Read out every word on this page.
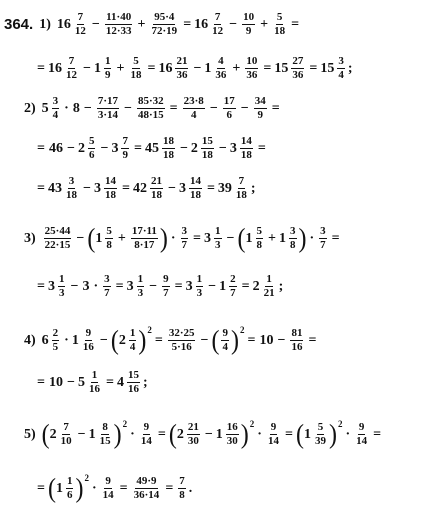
364. 1) $16 \frac{7}{12} - \frac{11\cdot 40}{12\cdot 33} + \frac{95\cdot 4}{72\cdot 19} = 16 \frac{7}{12} - \frac{10}{9} + \frac{5}{18}$ =
= $16 \frac{7}{12} - 1 \frac{1}{9} + \frac{5}{18} = 16 \frac{21}{36} - 1 \frac{4}{36} + \frac{10}{36} = 15 \frac{27}{36} = 15 \frac{3}{4}$ ;
2) $5 \frac{3}{4} \cdot 8 - \frac{7\cdot 17}{3\cdot 14} - \frac{85\cdot 32}{48\cdot 15} = \frac{23\cdot 8}{4} - \frac{17}{6} - \frac{34}{9}$ =
= $46 - 2 \frac{5}{6} - 3 \frac{7}{9} = 45 \frac{18}{18} - 2 \frac{15}{18} - 3 \frac{14}{18}$ =
= $43 \frac{3}{18} - 3 \frac{14}{18} = 42 \frac{21}{18} - 3 \frac{14}{18} = 39 \frac{7}{18}$ ;
$3) \frac{25\cdot 44}{22\cdot 15}$ − ( $1 \frac{5}{8} + \frac{17\cdot 11}{8\cdot 17}$ ) · $\frac{3}{7} = 3 \frac{1}{3}$ − ( $1 \frac{5}{8} + 1 \frac{3}{8}$ ) · $\frac{3}{7}$ =
= $3 \frac{1}{3} - 3 \cdot \frac{3}{7} = 3 \frac{1}{3} - \frac{9}{7} = 3 \frac{1}{3} - 1 \frac{2}{7} = 2 \frac{1}{21}$ ;
4) $6 \frac{2}{5} \cdot 1 \frac{9}{16}$ − ( $2 \frac{1}{4}$ ) 2
= $\frac{32\cdot 25}{5\cdot 16}$ − ( $\frac{9}{4}$ ) 2
= $10 - \frac{81}{16}$ =
= $10 - 5 \frac{1}{16} = 4 \frac{15}{16}$ ;
5) ( $2 \frac{7}{10} - 1 \frac{8}{15}$ ) 2
· $\frac{9}{14}$ = ( $2 \frac{21}{30} - 1 \frac{16}{30}$ ) 2
· $\frac{9}{14}$ = ( $1 \frac{5}{39}$ ) 2
· $\frac{9}{14}$ =
= ( $1 \frac{1}{6}$ ) 2
· $\frac{9}{14} = \frac{49\cdot 9}{36\cdot 14} = \frac{7}{8}$ .
